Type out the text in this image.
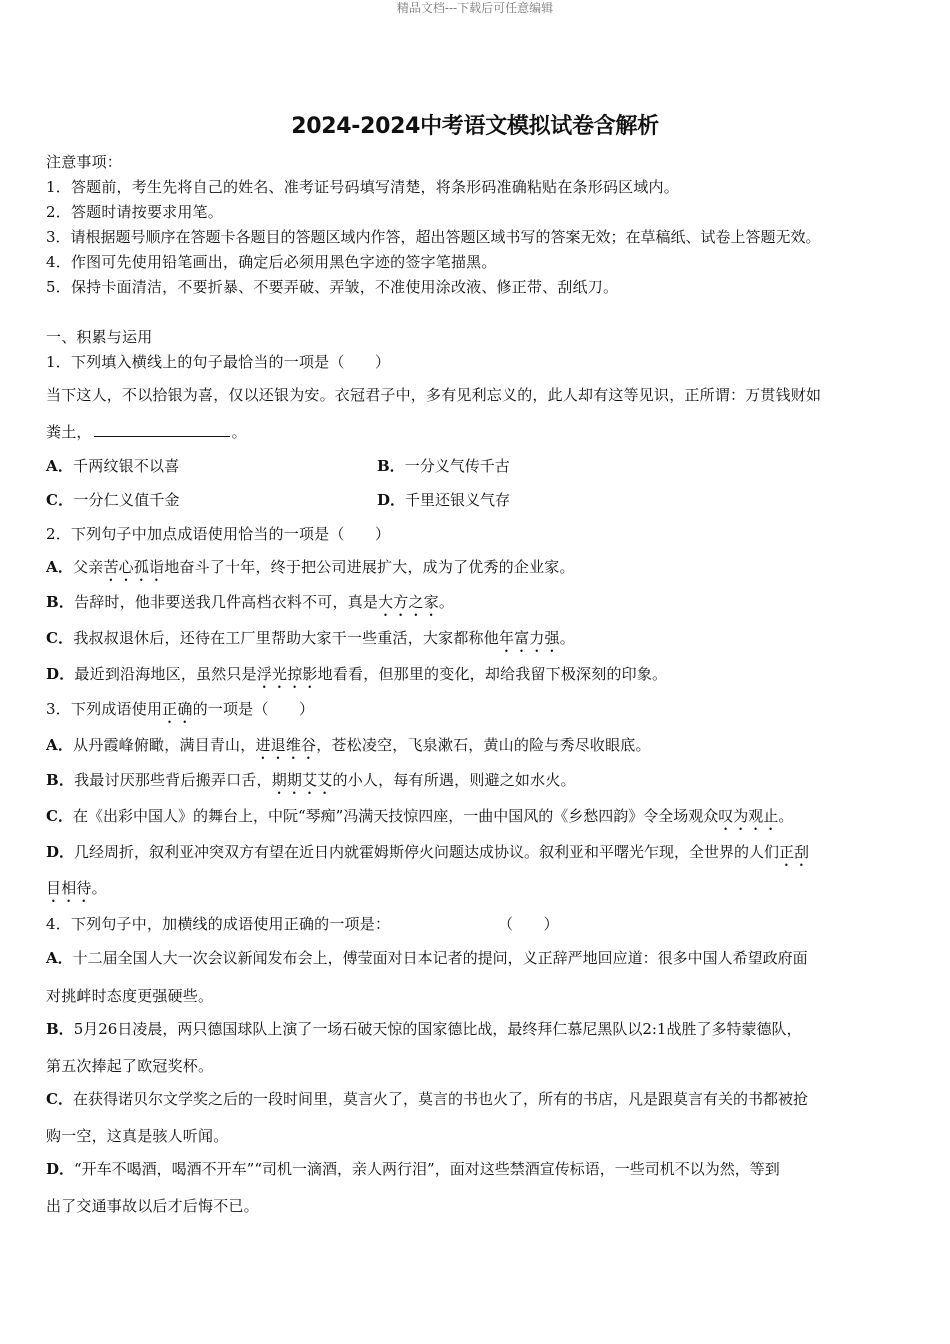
精品文档---下载后可任意编辑
2024-2024中考语文模拟试卷含解析
注意事项：
1．答题前，考生先将自己的姓名、准考证号码填写清楚，将条形码准确粘贴在条形码区域内。
2．答题时请按要求用笔。
3．请根据题号顺序在答题卡各题目的答题区域内作答，超出答题区域书写的答案无效；在草稿纸、试卷上答题无效。
4．作图可先使用铅笔画出，确定后必须用黑色字迹的签字笔描黑。
5．保持卡面清洁，不要折暴、不要弄破、弄皱，不准使用涂改液、修正带、刮纸刀。
一、积累与运用
1．下列填入横线上的句子最恰当的一项是（　　）
当下这人，不以拾银为喜，仅以还银为安。衣冠君子中，多有见利忘义的，此人却有这等见识，正所谓：万贯钱财如
粪土，	。
A．千两纹银不以喜	B．一分义气传千古
C．一分仁义值千金	D．千里还银义气存
2．下列句子中加点成语使用恰当的一项是（　　）
A．父亲苦心孤诣地奋斗了十年，终于把公司进展扩大，成为了优秀的企业家。
B．告辞时，他非要送我几件高档衣料不可，真是大方之家。
C．我叔叔退休后，还待在工厂里帮助大家干一些重活，大家都称他年富力强。
D．最近到沿海地区，虽然只是浮光掠影地看看，但那里的变化，却给我留下极深刻的印象。
3．下列成语使用正确的一项是（　　）
A．从丹霞峰俯瞰，满目青山，进退维谷，苍松凌空，飞泉漱石，黄山的险与秀尽收眼底。
B．我最讨厌那些背后搬弄口舌，期期艾艾的小人，每有所遇，则避之如水火。
C．在《出彩中国人》的舞台上，中阮“琴痴”冯满天技惊四座，一曲中国风的《乡愁四韵》令全场观众叹为观止。
D．几经周折，叙利亚冲突双方有望在近日内就霍姆斯停火问题达成协议。叙利亚和平曙光乍现，全世界的人们正刮
目相待。
4．下列句子中，加横线的成语使用正确的一项是：	（　　）
A．十二届全国人大一次会议新闻发布会上，傅莹面对日本记者的提问，义正辞严地回应道：很多中国人希望政府面
对挑衅时态度更强硬些。
B．5月26日凌晨，两只德国球队上演了一场石破天惊的国家德比战，最终拜仁慕尼黑队以2:1战胜了多特蒙德队，
第五次捧起了欧冠奖杯。
C．在获得诺贝尔文学奖之后的一段时间里，莫言火了，莫言的书也火了，所有的书店，凡是跟莫言有关的书都被抢
购一空，这真是骇人听闻。
D．“开车不喝酒，喝酒不开车”“司机一滴酒，亲人两行泪”，面对这些禁酒宣传标语，一些司机不以为然，等到
出了交通事故以后才后悔不已。
